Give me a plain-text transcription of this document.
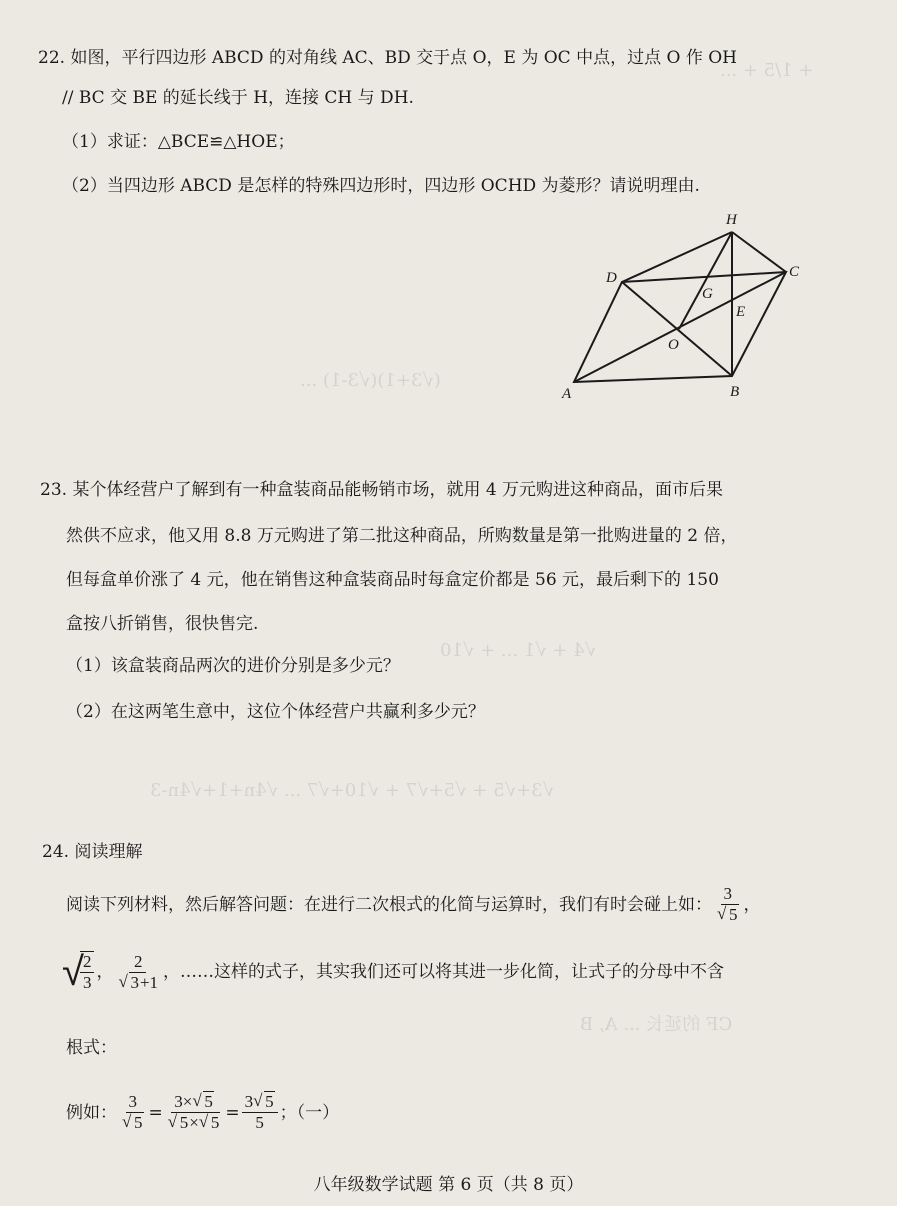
+ 1/5 + ...
(√3+1)(√3-1) ...
√4 + √1 ... + √10
√3+√5 + √5+√7 + √10+√7 ... √4n+1+√4n-3
CF 的延长 ... A, B
22. 如图，平行四边形 ABCD 的对角线 AC、BD 交于点 O，E 为 OC 中点，过点 O 作 OH
// BC 交 BE 的延长线于 H，连接 CH 与 DH.
（1）求证：△BCE≌△HOE；
（2）当四边形 ABCD 是怎样的特殊四边形时，四边形 OCHD 为菱形？请说明理由.
H
D	C
G
E
O
A	B
23. 某个体经营户了解到有一种盒装商品能畅销市场，就用 4 万元购进这种商品，面市后果
然供不应求，他又用 8.8 万元购进了第二批这种商品，所购数量是第一批购进量的 2 倍，
但每盒单价涨了 4 元，他在销售这种盒装商品时每盒定价都是 56 元，最后剩下的 150
盒按八折销售，很快售完.
（1）该盒装商品两次的进价分别是多少元？
（2）在这两笔生意中，这位个体经营户共赢利多少元？
24. 阅读理解
阅读下列材料，然后解答问题：在进行二次根式的化简与运算时，我们有时会碰上如： 3
√ 5 ，
√
$\frac{2}{3}$ ， 2
√ 3+1 ，……这样的式子，其实我们还可以将其进一步化简，让式子的分母中不含
根式：
例如： 3
√ 5 = 3× √ 5
√ 5× √ $5 = \frac{3 √ 5}{5}$ ；（一）
八年级数学试题 第 6 页（共 8 页）
